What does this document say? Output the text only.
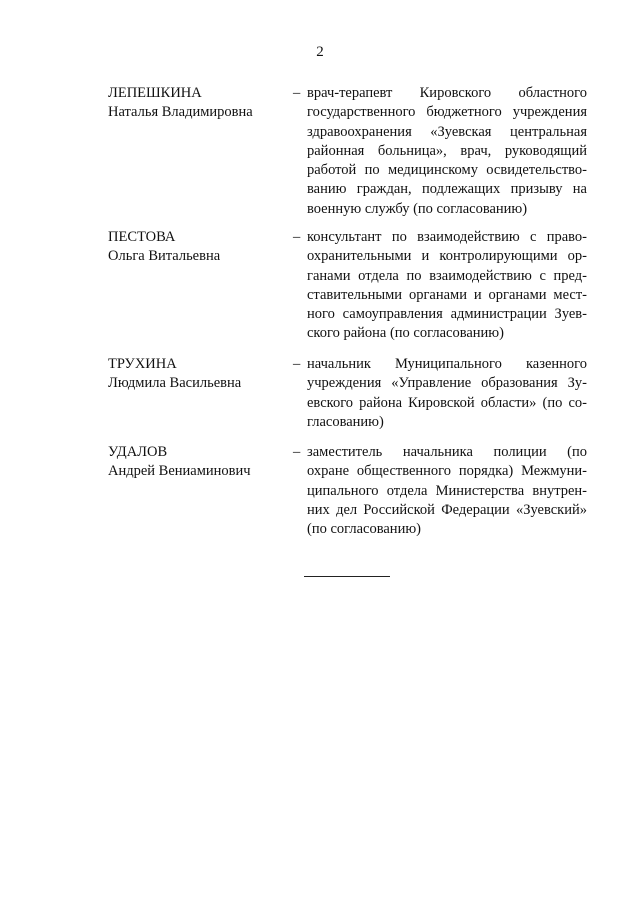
2
ЛЕПЕШКИНА
Наталья Владимировна
– врач-терапевт Кировского областного
государственного бюджетного учреждения
здравоохранения «Зуевская центральная
районная больница», врач, руководящий
работой по медицинскому освидетельство-
ванию граждан, подлежащих призыву на
военную службу (по согласованию)
ПЕСТОВА
Ольга Витальевна
– консультант по взаимодействию с право-
охранительными и контролирующими ор-
ганами отдела по взаимодействию с пред-
ставительными органами и органами мест-
ного самоуправления администрации Зуев-
ского района (по согласованию)
ТРУХИНА
Людмила Васильевна
– начальник Муниципального казенного
учреждения «Управление образования Зу-
евского района Кировской области» (по со-
гласованию)
УДАЛОВ
Андрей Вениаминович
– заместитель начальника полиции (по
охране общественного порядка) Межмуни-
ципального отдела Министерства внутрен-
них дел Российской Федерации «Зуевский»
(по согласованию)
